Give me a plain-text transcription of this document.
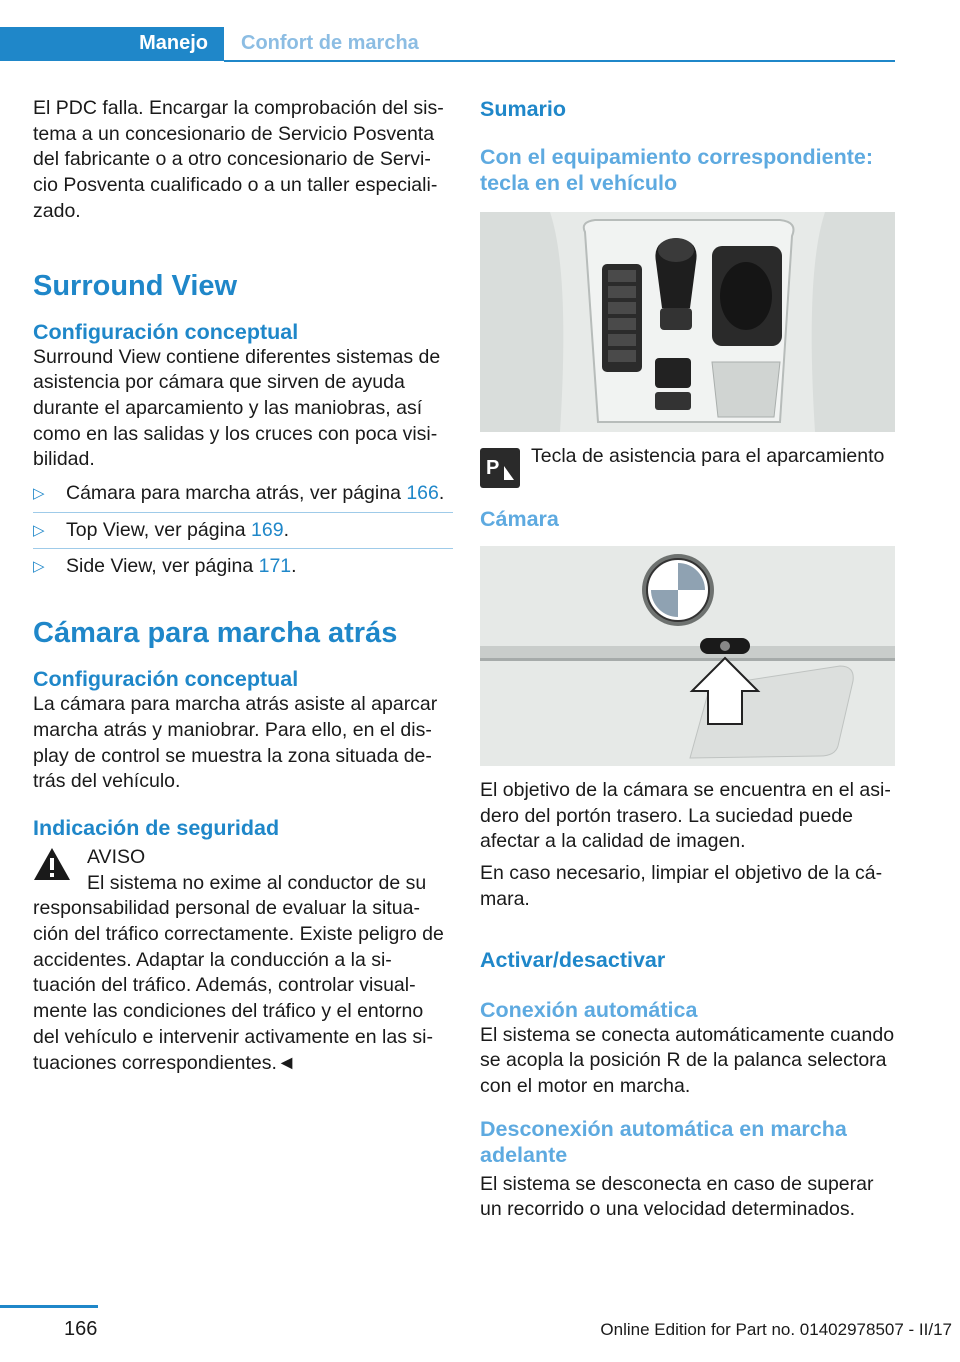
Manejo Confort de marcha

El PDC falla. Encargar la comprobación del sis‐ tema a un concesionario de Servicio Posventa del fabricante o a otro concesionario de Servi‐ cio Posventa cualificado o a un taller especiali‐ zado.

Surround View
Configuración conceptual

Surround View contiene diferentes sistemas de asistencia por cámara que sirven de ayuda durante el aparcamiento y las maniobras, así como en las salidas y los cruces con poca visi‐ bilidad.

▷ Cámara para marcha atrás, ver página 166.
▷ Top View, ver página 169.
▷ Side View, ver página 171.
Cámara para marcha atrás
Configuración conceptual

La cámara para marcha atrás asiste al aparcar marcha atrás y maniobrar. Para ello, en el dis‐ play de control se muestra la zona situada de‐ trás del vehículo.

Indicación de seguridad

AVISO

El sistema no exime al conductor de su

responsabilidad personal de evaluar la situa‐ ción del tráfico correctamente. Existe peligro de accidentes. Adaptar la conducción a la si‐ tuación del tráfico. Además, controlar visual‐ mente las condiciones del tráfico y el entorno del vehículo e intervenir activamente en las si‐ tuaciones correspondientes.◄

Sumario
Con el equipamiento correspondiente: tecla en el vehículo
P

Tecla de asistencia para el aparcamiento

Cámara

El objetivo de la cámara se encuentra en el asi‐ dero del portón trasero. La suciedad puede afectar a la calidad de imagen.

En caso necesario, limpiar el objetivo de la cá‐ mara.

Activar/desactivar
Conexión automática

El sistema se conecta automáticamente cuando se acopla la posición R de la palanca selectora con el motor en marcha.

Desconexión automática en marcha adelante

El sistema se desconecta en caso de superar un recorrido o una velocidad determinados.

166	Online Edition for Part no. 01402978507 - II/17
